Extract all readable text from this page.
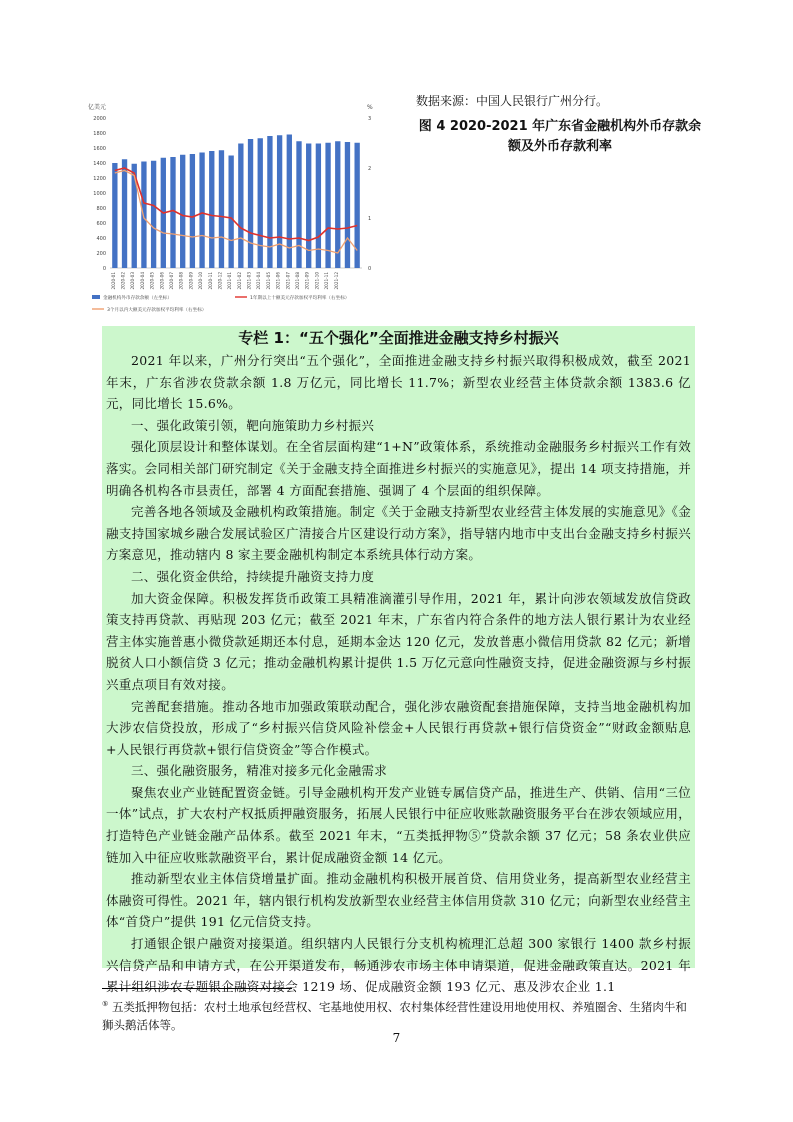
亿美元	%
0
200
400
600
800
1000
1200
1400
1600
1800
2000
0
1
2
3
2020-01 2020-02 2020-03 2020-04 2020-05 2020-06 2020-07 2020-08 2020-09 2020-10 2020-11 2020-12 2021-01 2021-02 2021-03 2021-04 2021-05 2021-06 2021-07 2021-08 2021-09 2021-10 2021-11 2021-12
金融机构外币存款余额（左坐标）	1年期以上十额美元存款加权平均利率（右坐标）
3个月以内大额美元存款加权平均利率（右坐标）
数据来源：中国人民银行广州分行。
图 4 2020-2021 年广东省金融机构外币存款余
额及外币存款利率
专栏 1：“五个强化”全面推进金融支持乡村振兴

2021 年以来，广州分行突出“五个强化”，全面推进金融支持乡村振兴取得积极成效，截至 2021 年末，广东省涉农贷款余额 1.8 万亿元，同比增长 11.7%；新型农业经营主体贷款余额 1383.6 亿元，同比增长 15.6%。

一、强化政策引领，靶向施策助力乡村振兴

强化顶层设计和整体谋划。在全省层面构建“1+N”政策体系，系统推动金融服务乡村振兴工作有效落实。会同相关部门研究制定《关于金融支持全面推进乡村振兴的实施意见》，提出 14 项支持措施，并明确各机构各市县责任，部署 4 方面配套措施、强调了 4 个层面的组织保障。

完善各地各领域及金融机构政策措施。制定《关于金融支持新型农业经营主体发展的实施意见》《金融支持国家城乡融合发展试验区广清接合片区建设行动方案》，指导辖内地市中支出台金融支持乡村振兴方案意见，推动辖内 8 家主要金融机构制定本系统具体行动方案。

二、强化资金供给，持续提升融资支持力度

加大资金保障。积极发挥货币政策工具精准滴灌引导作用，2021 年，累计向涉农领域发放信贷政策支持再贷款、再贴现 203 亿元；截至 2021 年末，广东省内符合条件的地方法人银行累计为农业经营主体实施普惠小微贷款延期还本付息，延期本金达 120 亿元，发放普惠小微信用贷款 82 亿元；新增脱贫人口小额信贷 3 亿元；推动金融机构累计提供 1.5 万亿元意向性融资支持，促进金融资源与乡村振兴重点项目有效对接。

完善配套措施。推动各地市加强政策联动配合，强化涉农融资配套措施保障，支持当地金融机构加大涉农信贷投放，形成了“乡村振兴信贷风险补偿金+人民银行再贷款+银行信贷资金”“财政金额贴息+人民银行再贷款+银行信贷资金”等合作模式。

三、强化融资服务，精准对接多元化金融需求

聚焦农业产业链配置资金链。引导金融机构开发产业链专属信贷产品，推进生产、供销、信用“三位一体”试点，扩大农村产权抵质押融资服务，拓展人民银行中征应收账款融资服务平台在涉农领域应用，打造特色产业链金融产品体系。截至 2021 年末，“五类抵押物⑤”贷款余额 37 亿元；58 条农业供应链加入中征应收账款融资平台，累计促成融资金额 14 亿元。

推动新型农业主体信贷增量扩面。推动金融机构积极开展首贷、信用贷业务，提高新型农业经营主体融资可得性。2021 年，辖内银行机构发放新型农业经营主体信用贷款 310 亿元；向新型农业经营主体“首贷户”提供 191 亿元信贷支持。

打通银企银户融资对接渠道。组织辖内人民银行分支机构梳理汇总超 300 家银行 1400 款乡村振兴信贷产品和申请方式，在公开渠道发布，畅通涉农市场主体申请渠道，促进金融政策直达。2021 年累计组织涉农专题银企融资对接会 1219 场、促成融资金额 193 亿元、惠及涉农企业 1.1

⑤ 五类抵押物包括：农村土地承包经营权、宅基地使用权、农村集体经营性建设用地使用权、养殖圈舍、生猪肉牛和狮头鹅活体等。
7
